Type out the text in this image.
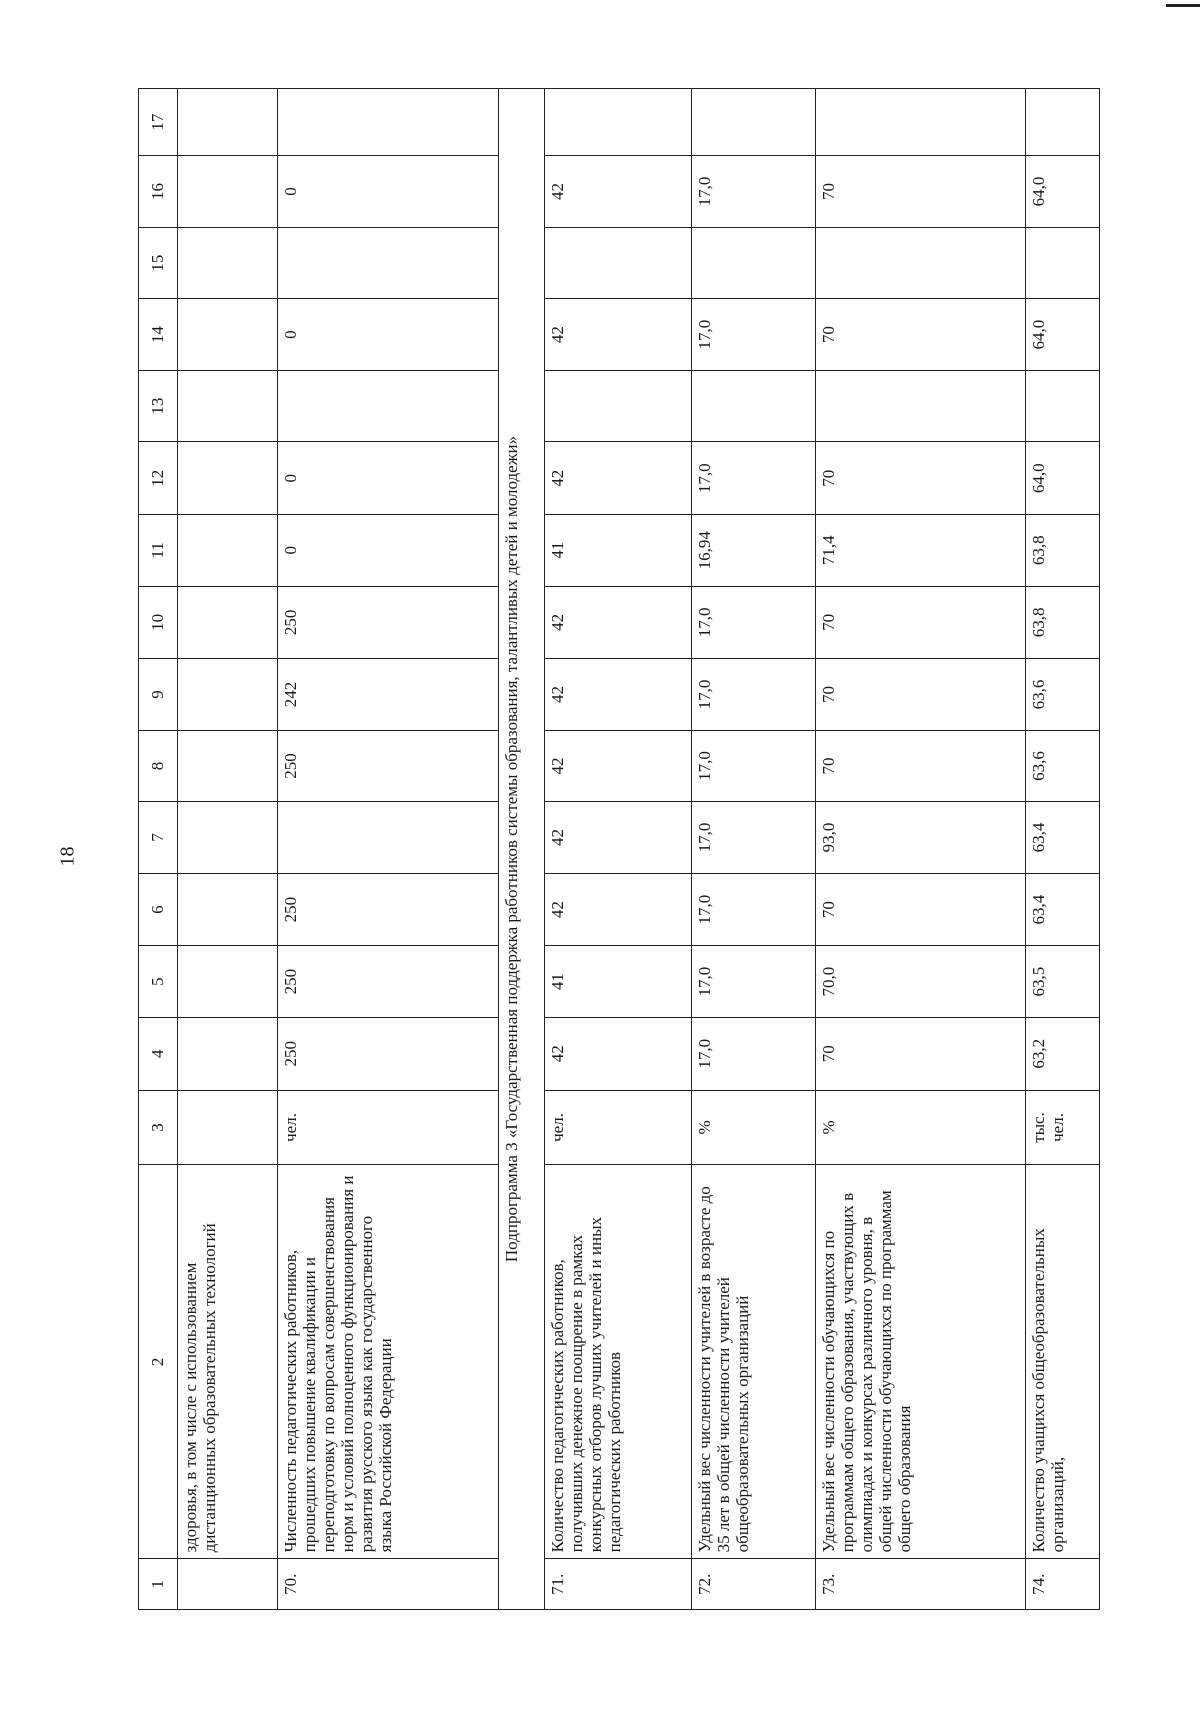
18
1	2	3	4	5	6	7	8	9	10	11	12	13	14	15	16	17
	здоровья, в том числе с использованием дистанционных образовательных технологий															
70.	Численность педагогических работников, прошедших повышение квалификации и переподготовку по вопросам совершенствования норм и условий полноценного функционирования и развития русского языка как государственного языка Российской Федерации	чел.	250	250	250		250	242	250	0	0		0		0	
Подпрограмма 3 «Государственная поддержка работников системы образования, талантливых детей и молодежи»																
71.	Количество педагогических работников, получивших денежное поощрение в рамках конкурсных отборов лучших учителей и иных педагогических работников	чел.	42	41	42	42	42	42	42	41	42		42		42	
72.	Удельный вес численности учителей в возрасте до 35 лет в общей численности учителей общеобразовательных организаций	%	17,0	17,0	17,0	17,0	17,0	17,0	17,0	16,94	17,0		17,0		17,0	
73.	Удельный вес численности обучающихся по программам общего образования, участвующих в олимпиадах и конкурсах различного уровня, в общей численности обучающихся по программам общего образования	%	70	70,0	70	93,0	70	70	70	71,4	70		70		70	
74.	Количество учащихся общеобразовательных организаций,	тыс. чел.	63,2	63,5	63,4	63,4	63,6	63,6	63,8	63,8	64,0		64,0		64,0	
